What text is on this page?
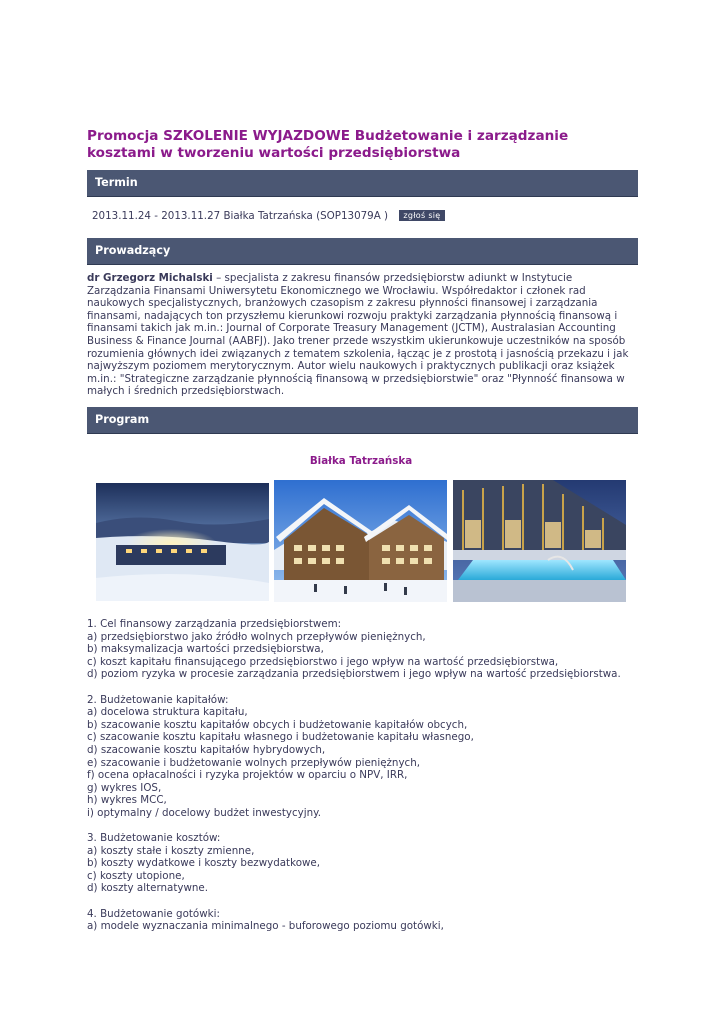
Promocja SZKOLENIE WYJAZDOWE Budżetowanie i zarządzanie kosztami w tworzeniu wartości przedsiębiorstwa
Termin
2013.11.24 - 2013.11.27 Białka Tatrzańska (SOP13079A ) zgłoś się
Prowadzący
dr Grzegorz Michalski – specjalista z zakresu finansów przedsiębiorstw adiunkt w Instytucie Zarządzania Finansami Uniwersytetu Ekonomicznego we Wrocławiu. Współredaktor i członek rad naukowych specjalistycznych, branżowych czasopism z zakresu płynności finansowej i zarządzania finansami, nadających ton przyszłemu kierunkowi rozwoju praktyki zarządzania płynnością finansową i finansami takich jak m.in.: Journal of Corporate Treasury Management (JCTM), Australasian Accounting Business & Finance Journal (AABFJ). Jako trener przede wszystkim ukierunkowuje uczestników na sposób rozumienia głównych idei związanych z tematem szkolenia, łącząc je z prostotą i jasnością przekazu i jak najwyższym poziomem merytorycznym. Autor wielu naukowych i praktycznych publikacji oraz książek m.in.: "Strategiczne zarządzanie płynnością finansową w przedsiębiorstwie" oraz "Płynność finansowa w małych i średnich przedsiębiorstwach.
Program
Białka Tatrzańska

1. Cel finansowy zarządzania przedsiębiorstwem:

a) przedsiębiorstwo jako źródło wolnych przepływów pieniężnych,

b) maksymalizacja wartości przedsiębiorstwa,

c) koszt kapitału finansującego przedsiębiorstwo i jego wpływ na wartość przedsiębiorstwa,

d) poziom ryzyka w procesie zarządzania przedsiębiorstwem i jego wpływ na wartość przedsiębiorstwa.

2. Budżetowanie kapitałów:

a) docelowa struktura kapitału,

b) szacowanie kosztu kapitałów obcych i budżetowanie kapitałów obcych,

c) szacowanie kosztu kapitału własnego i budżetowanie kapitału własnego,

d) szacowanie kosztu kapitałów hybrydowych,

e) szacowanie i budżetowanie wolnych przepływów pieniężnych,

f) ocena opłacalności i ryzyka projektów w oparciu o NPV, IRR,

g) wykres IOS,

h) wykres MCC,

i) optymalny / docelowy budżet inwestycyjny.

3. Budżetowanie kosztów:

a) koszty stałe i koszty zmienne,

b) koszty wydatkowe i koszty bezwydatkowe,

c) koszty utopione,

d) koszty alternatywne.

4. Budżetowanie gotówki:

a) modele wyznaczania minimalnego - buforowego poziomu gotówki,
